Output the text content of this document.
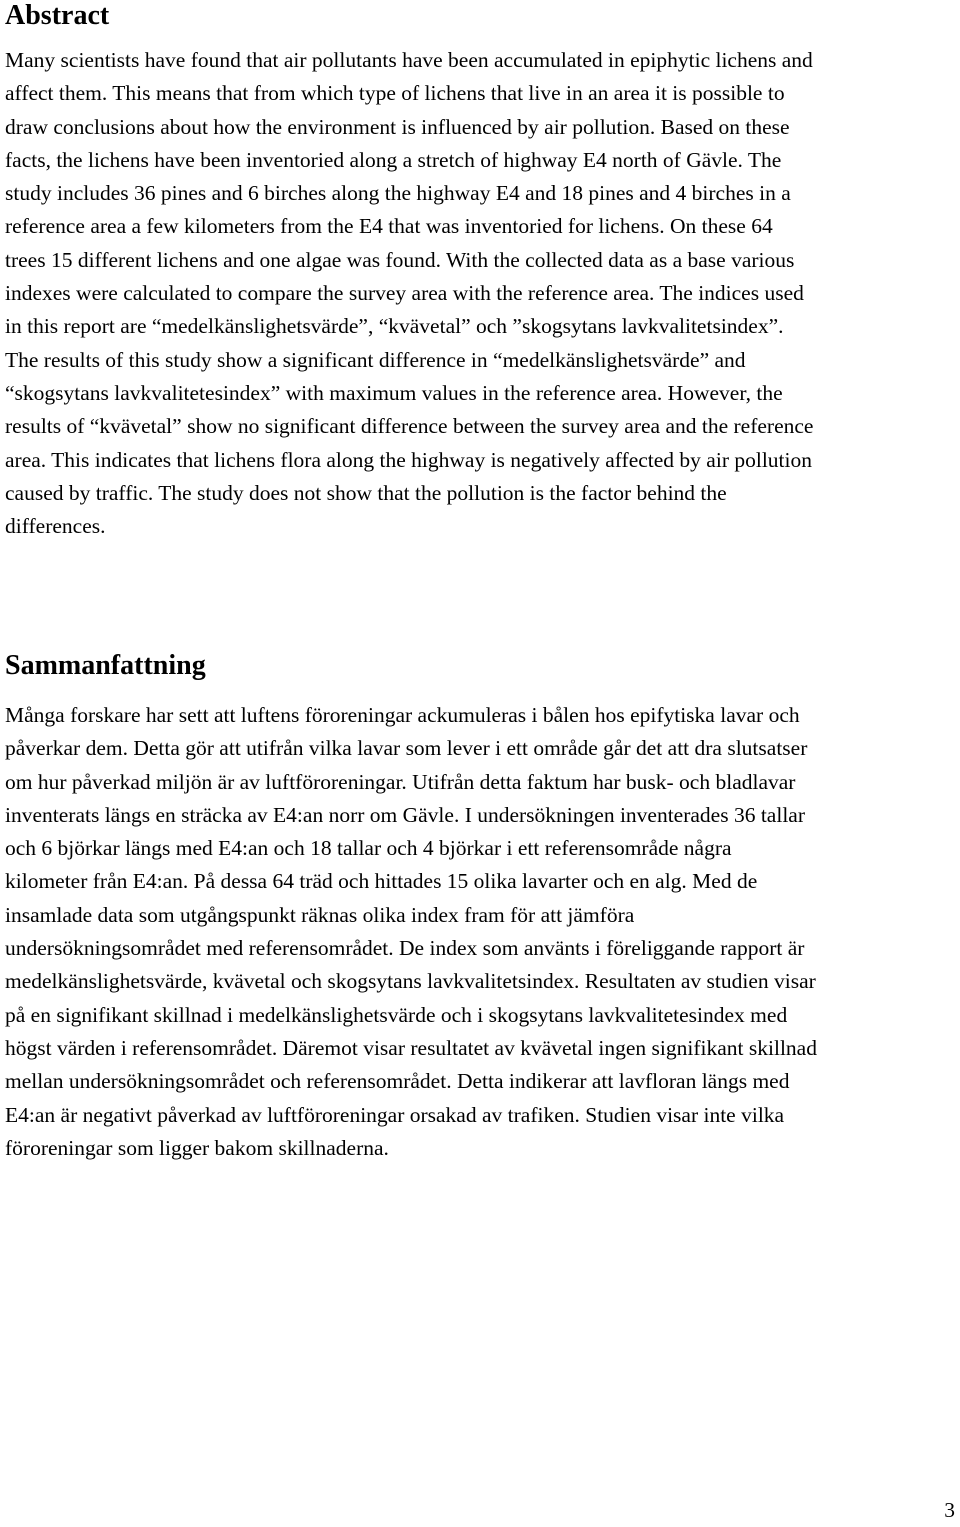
Abstract

Many scientists have found that air pollutants have been accumulated in epiphytic lichens and
affect them. This means that from which type of lichens that live in an area it is possible to
draw conclusions about how the environment is influenced by air pollution. Based on these
facts, the lichens have been inventoried along a stretch of highway E4 north of Gävle. The
study includes 36 pines and 6 birches along the highway E4 and 18 pines and 4 birches in a
reference area a few kilometers from the E4 that was inventoried for lichens. On these 64
trees 15 different lichens and one algae was found. With the collected data as a base various
indexes were calculated to compare the survey area with the reference area. The indices used
in this report are “medelkänslighetsvärde”, “kvävetal” och ”skogsytans lavkvalitetsindex”.
The results of this study show a significant difference in “medelkänslighetsvärde” and
“skogsytans lavkvalitetesindex” with maximum values in the reference area. However, the
results of “kvävetal” show no significant difference between the survey area and the reference
area. This indicates that lichens flora along the highway is negatively affected by air pollution
caused by traffic. The study does not show that the pollution is the factor behind the
differences.

Sammanfattning

Många forskare har sett att luftens föroreningar ackumuleras i bålen hos epifytiska lavar och
påverkar dem. Detta gör att utifrån vilka lavar som lever i ett område går det att dra slutsatser
om hur påverkad miljön är av luftföroreningar. Utifrån detta faktum har busk- och bladlavar
inventerats längs en sträcka av E4:an norr om Gävle. I undersökningen inventerades 36 tallar
och 6 björkar längs med E4:an och 18 tallar och 4 björkar i ett referensområde några
kilometer från E4:an. På dessa 64 träd och hittades 15 olika lavarter och en alg. Med de
insamlade data som utgångspunkt räknas olika index fram för att jämföra
undersökningsområdet med referensområdet. De index som använts i föreliggande rapport är
medelkänslighetsvärde, kvävetal och skogsytans lavkvalitetsindex. Resultaten av studien visar
på en signifikant skillnad i medelkänslighetsvärde och i skogsytans lavkvalitetesindex med
högst värden i referensområdet. Däremot visar resultatet av kvävetal ingen signifikant skillnad
mellan undersökningsområdet och referensområdet. Detta indikerar att lavfloran längs med
E4:an är negativt påverkad av luftföroreningar orsakad av trafiken. Studien visar inte vilka
föroreningar som ligger bakom skillnaderna.

3
